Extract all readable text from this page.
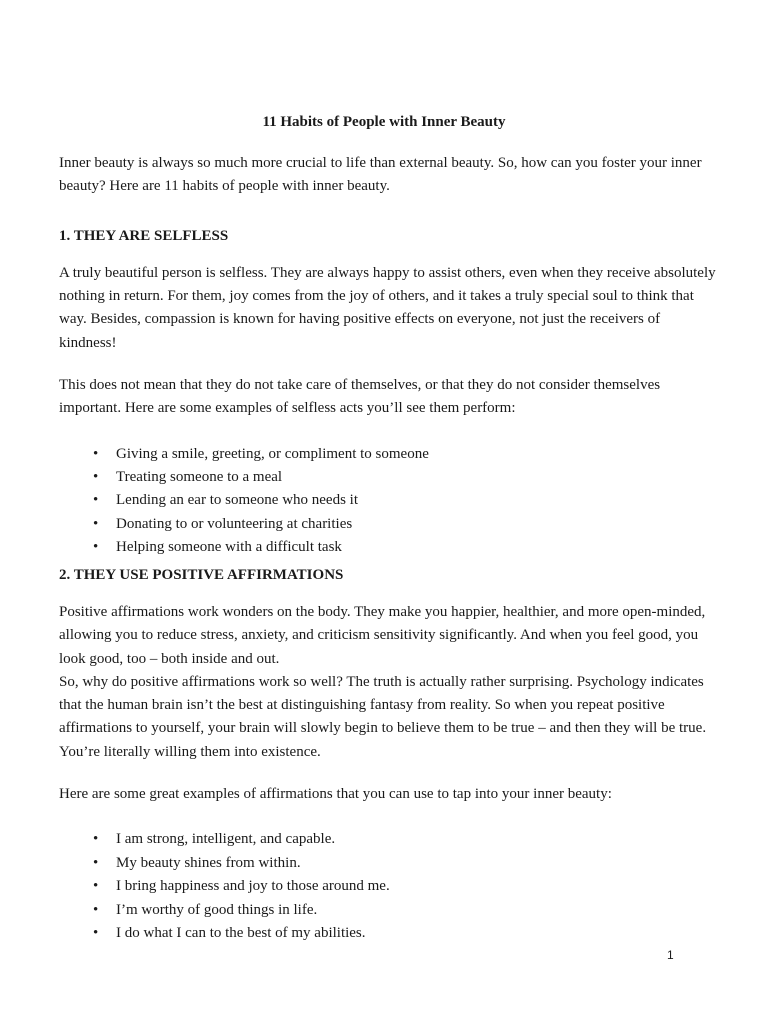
11 Habits of People with Inner Beauty

Inner beauty is always so much more crucial to life than external beauty. So, how can you foster your inner beauty? Here are 11 habits of people with inner beauty.

1. THEY ARE SELFLESS

A truly beautiful person is selfless. They are always happy to assist others, even when they receive absolutely nothing in return. For them, joy comes from the joy of others, and it takes a truly special soul to think that way. Besides, compassion is known for having positive effects on everyone, not just the receivers of kindness!

This does not mean that they do not take care of themselves, or that they do not consider themselves important. Here are some examples of selfless acts you’ll see them perform:

• Giving a smile, greeting, or compliment to someone
• Treating someone to a meal
• Lending an ear to someone who needs it
• Donating to or volunteering at charities
• Helping someone with a difficult task

2. THEY USE POSITIVE AFFIRMATIONS

Positive affirmations work wonders on the body. They make you happier, healthier, and more open-minded, allowing you to reduce stress, anxiety, and criticism sensitivity significantly. And when you feel good, you look good, too – both inside and out.

So, why do positive affirmations work so well? The truth is actually rather surprising. Psychology indicates that the human brain isn’t the best at distinguishing fantasy from reality. So when you repeat positive affirmations to yourself, your brain will slowly begin to believe them to be true – and then they will be true. You’re literally willing them into existence.

Here are some great examples of affirmations that you can use to tap into your inner beauty:

• I am strong, intelligent, and capable.
• My beauty shines from within.
• I bring happiness and joy to those around me.
• I’m worthy of good things in life.
• I do what I can to the best of my abilities.
1
